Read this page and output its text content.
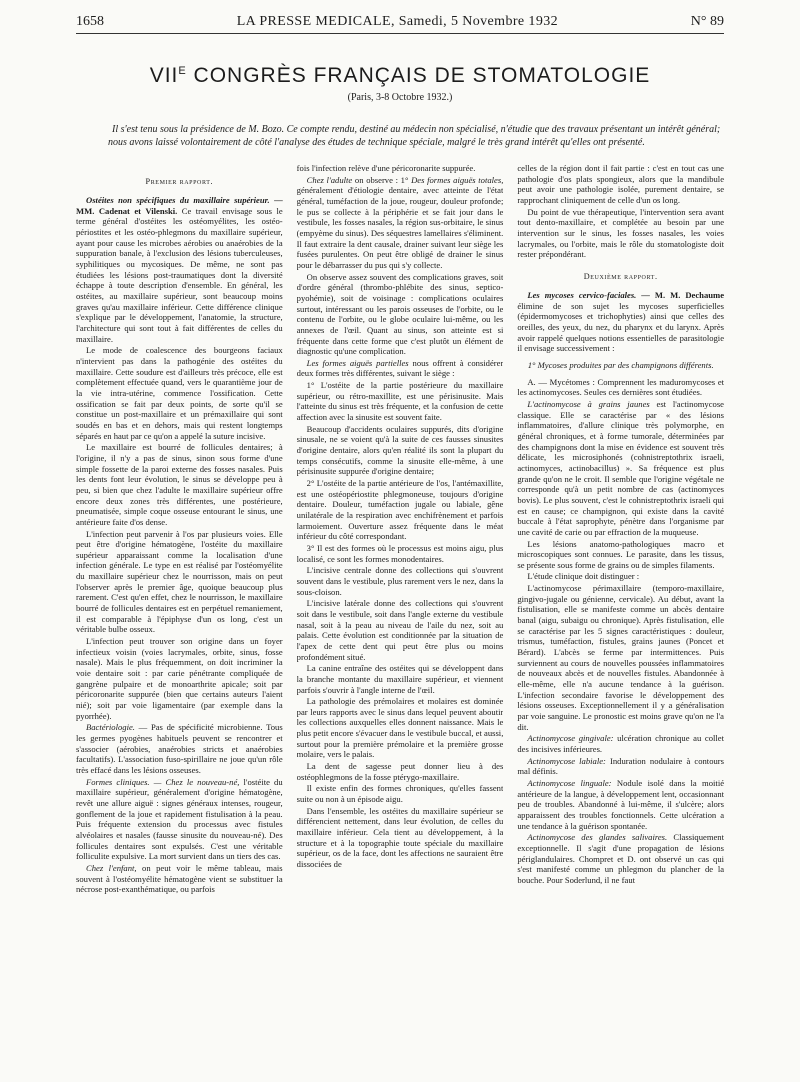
1658	LA PRESSE MEDICALE, Samedi, 5 Novembre 1932	N° 89
$VII^E$ CONGRÈS FRANÇAIS DE STOMATOLOGIE
(Paris, 3-8 Octobre 1932.)
Il s'est tenu sous la présidence de M. Bozo. Ce compte rendu, destiné au médecin non spécialisé, n'étudie que des travaux présentant un intérêt général; nous avons laissé volontairement de côté l'analyse des études de technique spéciale, malgré le très grand intérêt qu'elles ont présenté.
Premier rapport.

Ostéites non spécifiques du maxillaire supérieur. — MM. Cadenat et Vilenski. Ce travail envisage sous le terme général d'ostéites les ostéomyélites, les ostéo-périostites et les ostéo-phlegmons du maxillaire supérieur, ayant pour cause les microbes aérobies ou anaérobies de la suppuration banale, à l'exclusion des lésions tuberculeuses, syphilitiques ou mycosiques. De même, ne sont pas étudiées les lésions post-traumatiques dont la diversité échappe à toute description d'ensemble. En général, les ostéites, au maxillaire supérieur, sont beaucoup moins graves qu'au maxillaire inférieur. Cette différence clinique s'explique par le développement, l'anatomie, la structure, l'architecture qui sont tout à fait différentes de celles du maxillaire.

Le mode de coalescence des bourgeons faciaux n'intervient pas dans la pathogénie des ostéites du maxillaire. Cette soudure est d'ailleurs très précoce, elle est complètement effectuée quand, vers le quarantième jour de la vie intra-utérine, commence l'ossification. Cette ossification se fait par deux points, de sorte qu'il se constitue un post-maxillaire et un prémaxillaire qui sont soudés en bas et en dehors, mais qui restent longtemps séparés en haut par ce qu'on a appelé la suture incisive.

Le maxillaire est bourré de follicules dentaires; à l'origine, il n'y a pas de sinus, sinon sous forme d'une simple fossette de la paroi externe des fosses nasales. Puis les dents font leur évolution, le sinus se développe peu à peu, si bien que chez l'adulte le maxillaire supérieur offre encore deux zones très différentes, une postérieure, pneumatisée, simple coque osseuse entourant le sinus, une antérieure faite d'os dense.

L'infection peut parvenir à l'os par plusieurs voies. Elle peut être d'origine hématogène, l'ostéite du maxillaire supérieur apparaissant comme la localisation d'une infection générale. Le type en est réalisé par l'ostéomyélite du maxillaire supérieur chez le nourrisson, mais on peut l'observer après le premier âge, quoique beaucoup plus rarement. C'est qu'en effet, chez le nourrisson, le maxillaire bourré de follicules dentaires est en perpétuel remaniement, il est comparable à l'épiphyse d'un os long, c'est un véritable bulbe osseux.

L'infection peut trouver son origine dans un foyer infectieux voisin (voies lacrymales, orbite, sinus, fosse nasale). Mais le plus fréquemment, on doit incriminer la voie dentaire soit : par carie pénétrante compliquée de gangrène pulpaire et de monoarthrite apicale; soit par péricoronarite suppurée (bien que certains auteurs l'aient nié); soit par voie ligamentaire (par exemple dans la pyorrhée).

Bactériologie. — Pas de spécificité microbienne. Tous les germes pyogènes habituels peuvent se rencontrer et s'associer (aérobies, anaérobies stricts et anaérobies facultatifs). L'association fuso-spirillaire ne joue qu'un rôle très effacé dans les lésions osseuses.

Formes cliniques. — Chez le nouveau-né, l'ostéite du maxillaire supérieur, généralement d'origine hématogène, revêt une allure aiguë : signes généraux intenses, rougeur, gonflement de la joue et rapidement fistulisation à la peau. Puis fréquente extension du processus avec fistules alvéolaires et nasales (fausse sinusite du nouveau-né). Des follicules dentaires sont expulsés. C'est une véritable folliculite expulsive. La mort survient dans un tiers des cas.

Chez l'enfant, on peut voir le même tableau, mais souvent à l'ostéomyélite hématogène vient se substituer la nécrose post-exanthématique, ou parfois

fois l'infection relève d'une péricoronarite suppurée.

Chez l'adulte on observe : 1° Des formes aiguës totales, généralement d'étiologie dentaire, avec atteinte de l'état général, tuméfaction de la joue, rougeur, douleur profonde; le pus se collecte à la périphérie et se fait jour dans le vestibule, les fosses nasales, la région sus-orbitaire, le sinus (empyème du sinus). Des séquestres lamellaires s'éliminent. Il faut extraire la dent causale, drainer suivant leur siège les fusées purulentes. On peut être obligé de drainer le sinus pour le débarrasser du pus qui s'y collecte.

On observe assez souvent des complications graves, soit d'ordre général (thrombo-phlébite des sinus, septico-pyohémie), soit de voisinage : complications oculaires surtout, intéressant ou les parois osseuses de l'orbite, ou le contenu de l'orbite, ou le globe oculaire lui-même, ou les annexes de l'œil. Quant au sinus, son atteinte est si fréquente dans cette forme que c'est plutôt un élément de diagnostic qu'une complication.

Les formes aiguës partielles nous offrent à considérer deux formes très différentes, suivant le siège :

1° L'ostéite de la partie postérieure du maxillaire supérieur, ou rétro-maxillite, est une périsinusite. Mais l'atteinte du sinus est très fréquente, et la confusion de cette affection avec la sinusite est souvent faite.

Beaucoup d'accidents oculaires suppurés, dits d'origine sinusale, ne se voient qu'à la suite de ces fausses sinusites d'origine dentaire, alors qu'en réalité ils sont la plupart du temps consécutifs, comme la sinusite elle-même, à une périsinusite suppurée d'origine dentaire;

2° L'ostéite de la partie antérieure de l'os, l'antémaxillite, est une ostéopériostite phlegmoneuse, toujours d'origine dentaire. Douleur, tuméfaction jugale ou labiale, gêne unilatérale de la respiration avec enchifrènement et parfois larmoiement. Ouverture assez fréquente dans le méat inférieur du côté correspondant.

3° Il est des formes où le processus est moins aigu, plus localisé, ce sont les formes monodentaires.

L'incisive centrale donne des collections qui s'ouvrent souvent dans le vestibule, plus rarement vers le nez, dans la sous-cloison.

L'incisive latérale donne des collections qui s'ouvrent soit dans le vestibule, soit dans l'angle externe du vestibule nasal, soit à la peau au niveau de l'aile du nez, soit au palais. Cette évolution est conditionnée par la situation de l'apex de cette dent qui peut être plus ou moins profondément situé.

La canine entraîne des ostéites qui se développent dans la branche montante du maxillaire supérieur, et viennent parfois s'ouvrir à l'angle interne de l'œil.

La pathologie des prémolaires et molaires est dominée par leurs rapports avec le sinus dans lequel peuvent aboutir les collections auxquelles elles donnent naissance. Mais le plus petit encore s'évacuer dans le vestibule buccal, et aussi, surtout pour la première prémolaire et la première grosse molaire, vers le palais.

La dent de sagesse peut donner lieu à des ostéophlegmons de la fosse ptérygo-maxillaire.

Il existe enfin des formes chroniques, qu'elles fassent suite ou non à un épisode aigu.

Dans l'ensemble, les ostéites du maxillaire supérieur se différencient nettement, dans leur évolution, de celles du maxillaire inférieur. Cela tient au développement, à la structure et à la topographie toute spéciale du maxillaire supérieur, os de la face, dont les affections ne sauraient être dissociées de

celles de la région dont il fait partie : c'est en tout cas une pathologie d'os plats spongieux, alors que la mandibule peut avoir une pathologie isolée, purement dentaire, se rapprochant cliniquement de celle d'un os long.

Du point de vue thérapeutique, l'intervention sera avant tout dento-maxillaire, et complétée au besoin par une intervention sur le sinus, les fosses nasales, les voies lacrymales, ou l'orbite, mais le rôle du stomatologiste doit rester prépondérant.

Deuxième rapport.

Les mycoses cervico-faciales. — M. M. Dechaume élimine de son sujet les mycoses superficielles (épidermomycoses et trichophyties) ainsi que celles des oreilles, des yeux, du nez, du pharynx et du larynx. Après avoir rappelé quelques notions essentielles de parasitologie il envisage successivement :

1° Mycoses produites par des champignons différents.

A. — Mycétomes : Comprennent les maduromycoses et les actinomycoses. Seules ces dernières sont étudiées.

L'actinomycose à grains jaunes est l'actinomycose classique. Elle se caractérise par « des lésions inflammatoires, d'allure clinique très polymorphe, en général chroniques, et à forme tumorale, déterminées par des champignons dont la mise en évidence est souvent très délicate, les microsiphonés (cohnistreptothrix israeli, actinomyces, actinobacillus) ». Sa fréquence est plus grande qu'on ne le croit. Il semble que l'origine végétale ne corresponde qu'à un petit nombre de cas (actinomyces bovis). Le plus souvent, c'est le cohnistreptothrix israeli qui est en cause; ce champignon, qui existe dans la cavité buccale à l'état saprophyte, pénètre dans l'organisme par une cavité de carie ou par effraction de la muqueuse.

Les lésions anatomo-pathologiques macro et microscopiques sont connues. Le parasite, dans les tissus, se présente sous forme de grains ou de simples filaments.

L'étude clinique doit distinguer :

L'actinomycose périmaxillaire (temporo-maxillaire, gingivo-jugale ou génienne, cervicale). Au début, avant la fistulisation, elle se manifeste comme un abcès dentaire banal (aigu, subaigu ou chronique). Après fistulisation, elle se caractérise par les 5 signes caractéristiques : douleur, trismus, tuméfaction, fistules, grains jaunes (Poncet et Bérard). L'abcès se ferme par intermittences. Puis surviennent au cours de nouvelles poussées inflammatoires de nouveaux abcès et de nouvelles fistules. Abandonnée à elle-même, elle n'a aucune tendance à la guérison. L'infection secondaire favorise le développement des lésions osseuses. Exceptionnellement il y a généralisation par voie sanguine. Le pronostic est moins grave qu'on ne l'a dit.

Actinomycose gingivale: ulcération chronique au collet des incisives inférieures.

Actinomycose labiale: Induration nodulaire à contours mal définis.

Actinomycose linguale: Nodule isolé dans la moitié antérieure de la langue, à développement lent, occasionnant peu de troubles. Abandonné à lui-même, il s'ulcère; alors apparaissent des troubles fonctionnels. Cette ulcération a une tendance à la guérison spontanée.

Actinomycose des glandes salivaires. Classiquement exceptionnelle. Il s'agit d'une propagation de lésions périglandulaires. Chompret et D. ont observé un cas qui s'est manifesté comme un phlegmon du plancher de la bouche. Pour Soderlund, il ne faut
